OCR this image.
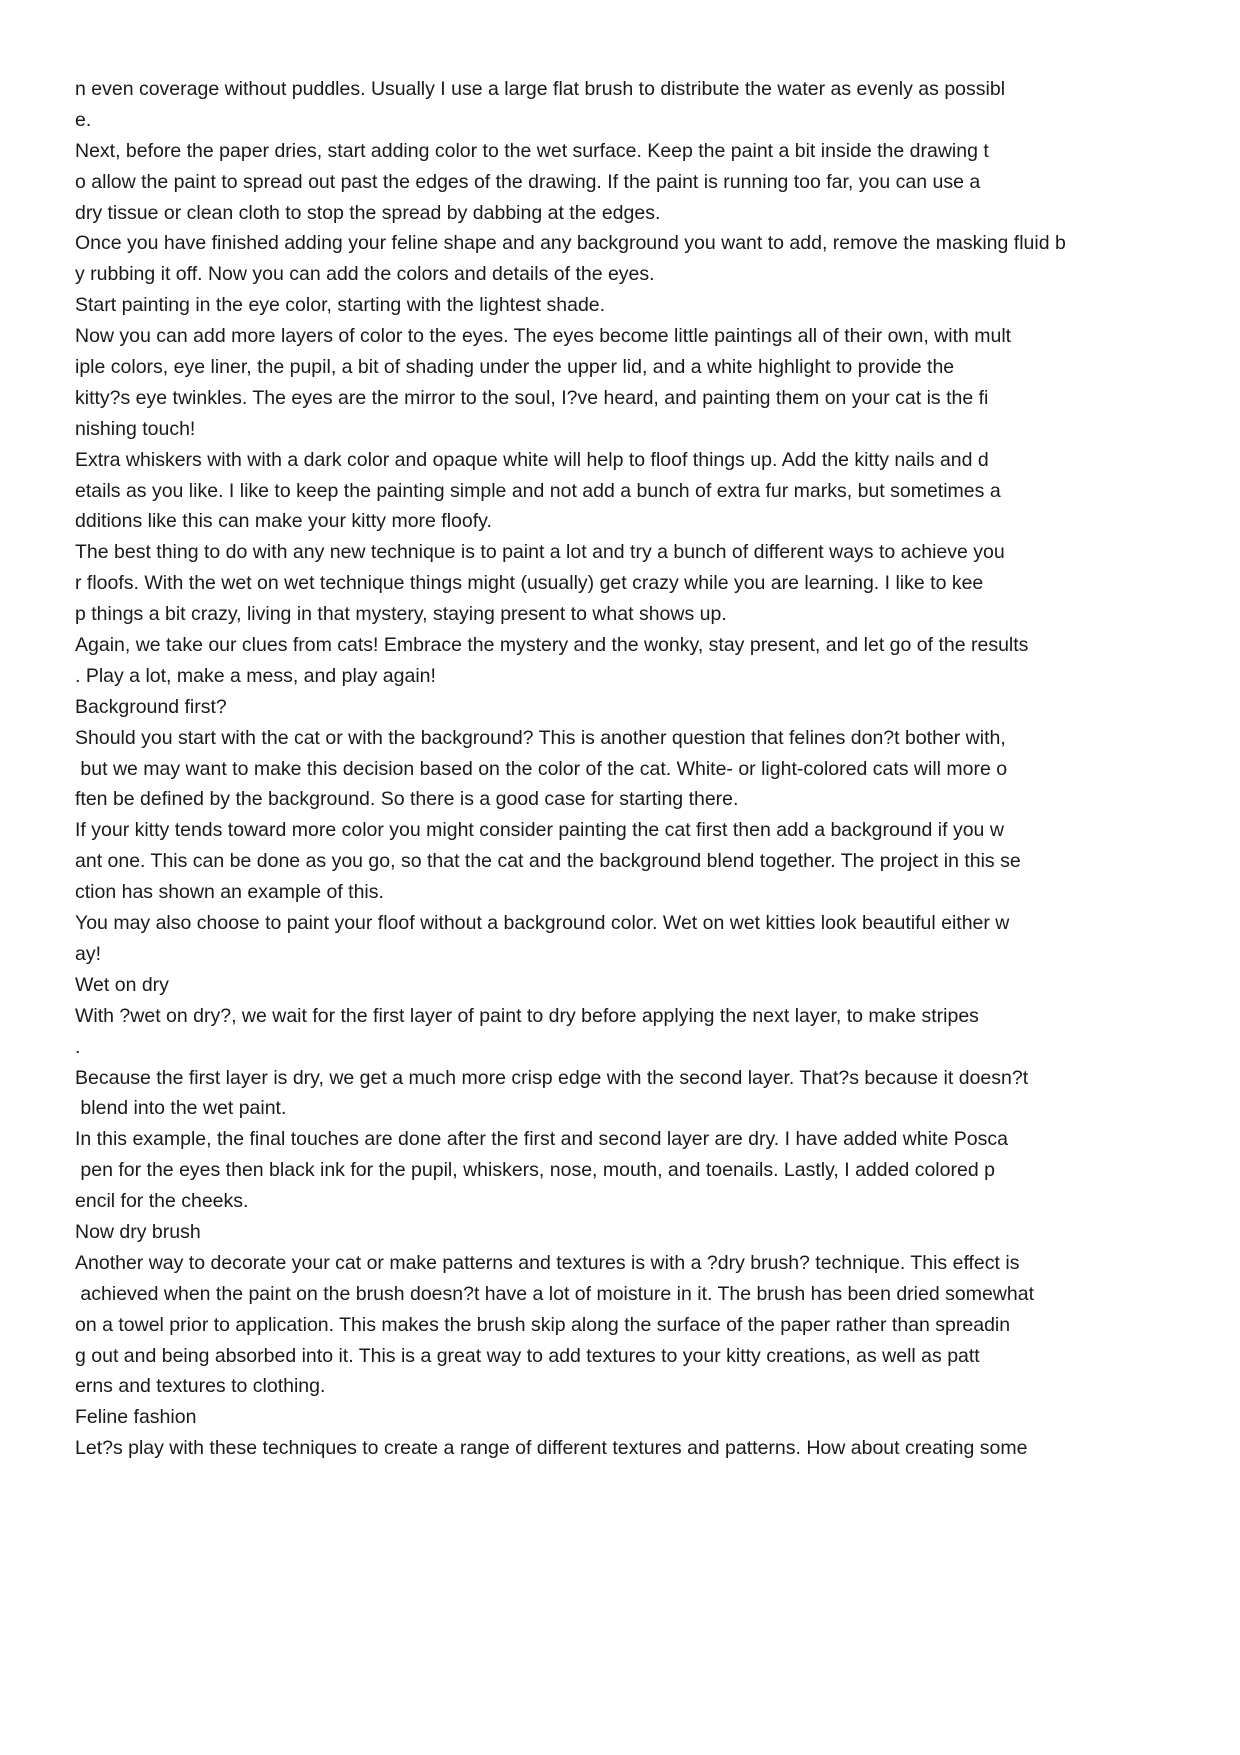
n even coverage without puddles. Usually I use a large flat brush to distribute the water as evenly as possibl
e.
Next, before the paper dries, start adding color to the wet surface. Keep the paint a bit inside the drawing t
o allow the paint to spread out past the edges of the drawing. If the paint is running too far, you can use a
dry tissue or clean cloth to stop the spread by dabbing at the edges.
Once you have finished adding your feline shape and any background you want to add, remove the masking fluid b
y rubbing it off. Now you can add the colors and details of the eyes.
Start painting in the eye color, starting with the lightest shade.
Now you can add more layers of color to the eyes. The eyes become little paintings all of their own, with mult
iple colors, eye liner, the pupil, a bit of shading under the upper lid, and a white highlight to provide the
kitty?s eye twinkles. The eyes are the mirror to the soul, I?ve heard, and painting them on your cat is the fi
nishing touch!
Extra whiskers with with a dark color and opaque white will help to floof things up. Add the kitty nails and d
etails as you like. I like to keep the painting simple and not add a bunch of extra fur marks, but sometimes a
dditions like this can make your kitty more floofy.
The best thing to do with any new technique is to paint a lot and try a bunch of different ways to achieve you
r floofs. With the wet on wet technique things might (usually) get crazy while you are learning. I like to kee
p things a bit crazy, living in that mystery, staying present to what shows up.
Again, we take our clues from cats! Embrace the mystery and the wonky, stay present, and let go of the results
. Play a lot, make a mess, and play again!
Background first?
Should you start with the cat or with the background? This is another question that felines don?t bother with,
but we may want to make this decision based on the color of the cat. White- or light-colored cats will more o
ften be defined by the background. So there is a good case for starting there.
If your kitty tends toward more color you might consider painting the cat first then add a background if you w
ant one. This can be done as you go, so that the cat and the background blend together. The project in this se
ction has shown an example of this.
You may also choose to paint your floof without a background color. Wet on wet kitties look beautiful either w
ay!
Wet on dry
With ?wet on dry?, we wait for the first layer of paint to dry before applying the next layer, to make stripes
.
Because the first layer is dry, we get a much more crisp edge with the second layer. That?s because it doesn?t
blend into the wet paint.
In this example, the final touches are done after the first and second layer are dry. I have added white Posca
pen for the eyes then black ink for the pupil, whiskers, nose, mouth, and toenails. Lastly, I added colored p
encil for the cheeks.
Now dry brush
Another way to decorate your cat or make patterns and textures is with a ?dry brush? technique. This effect is
achieved when the paint on the brush doesn?t have a lot of moisture in it. The brush has been dried somewhat
on a towel prior to application. This makes the brush skip along the surface of the paper rather than spreadin
g out and being absorbed into it. This is a great way to add textures to your kitty creations, as well as patt
erns and textures to clothing.
Feline fashion
Let?s play with these techniques to create a range of different textures and patterns. How about creating some
